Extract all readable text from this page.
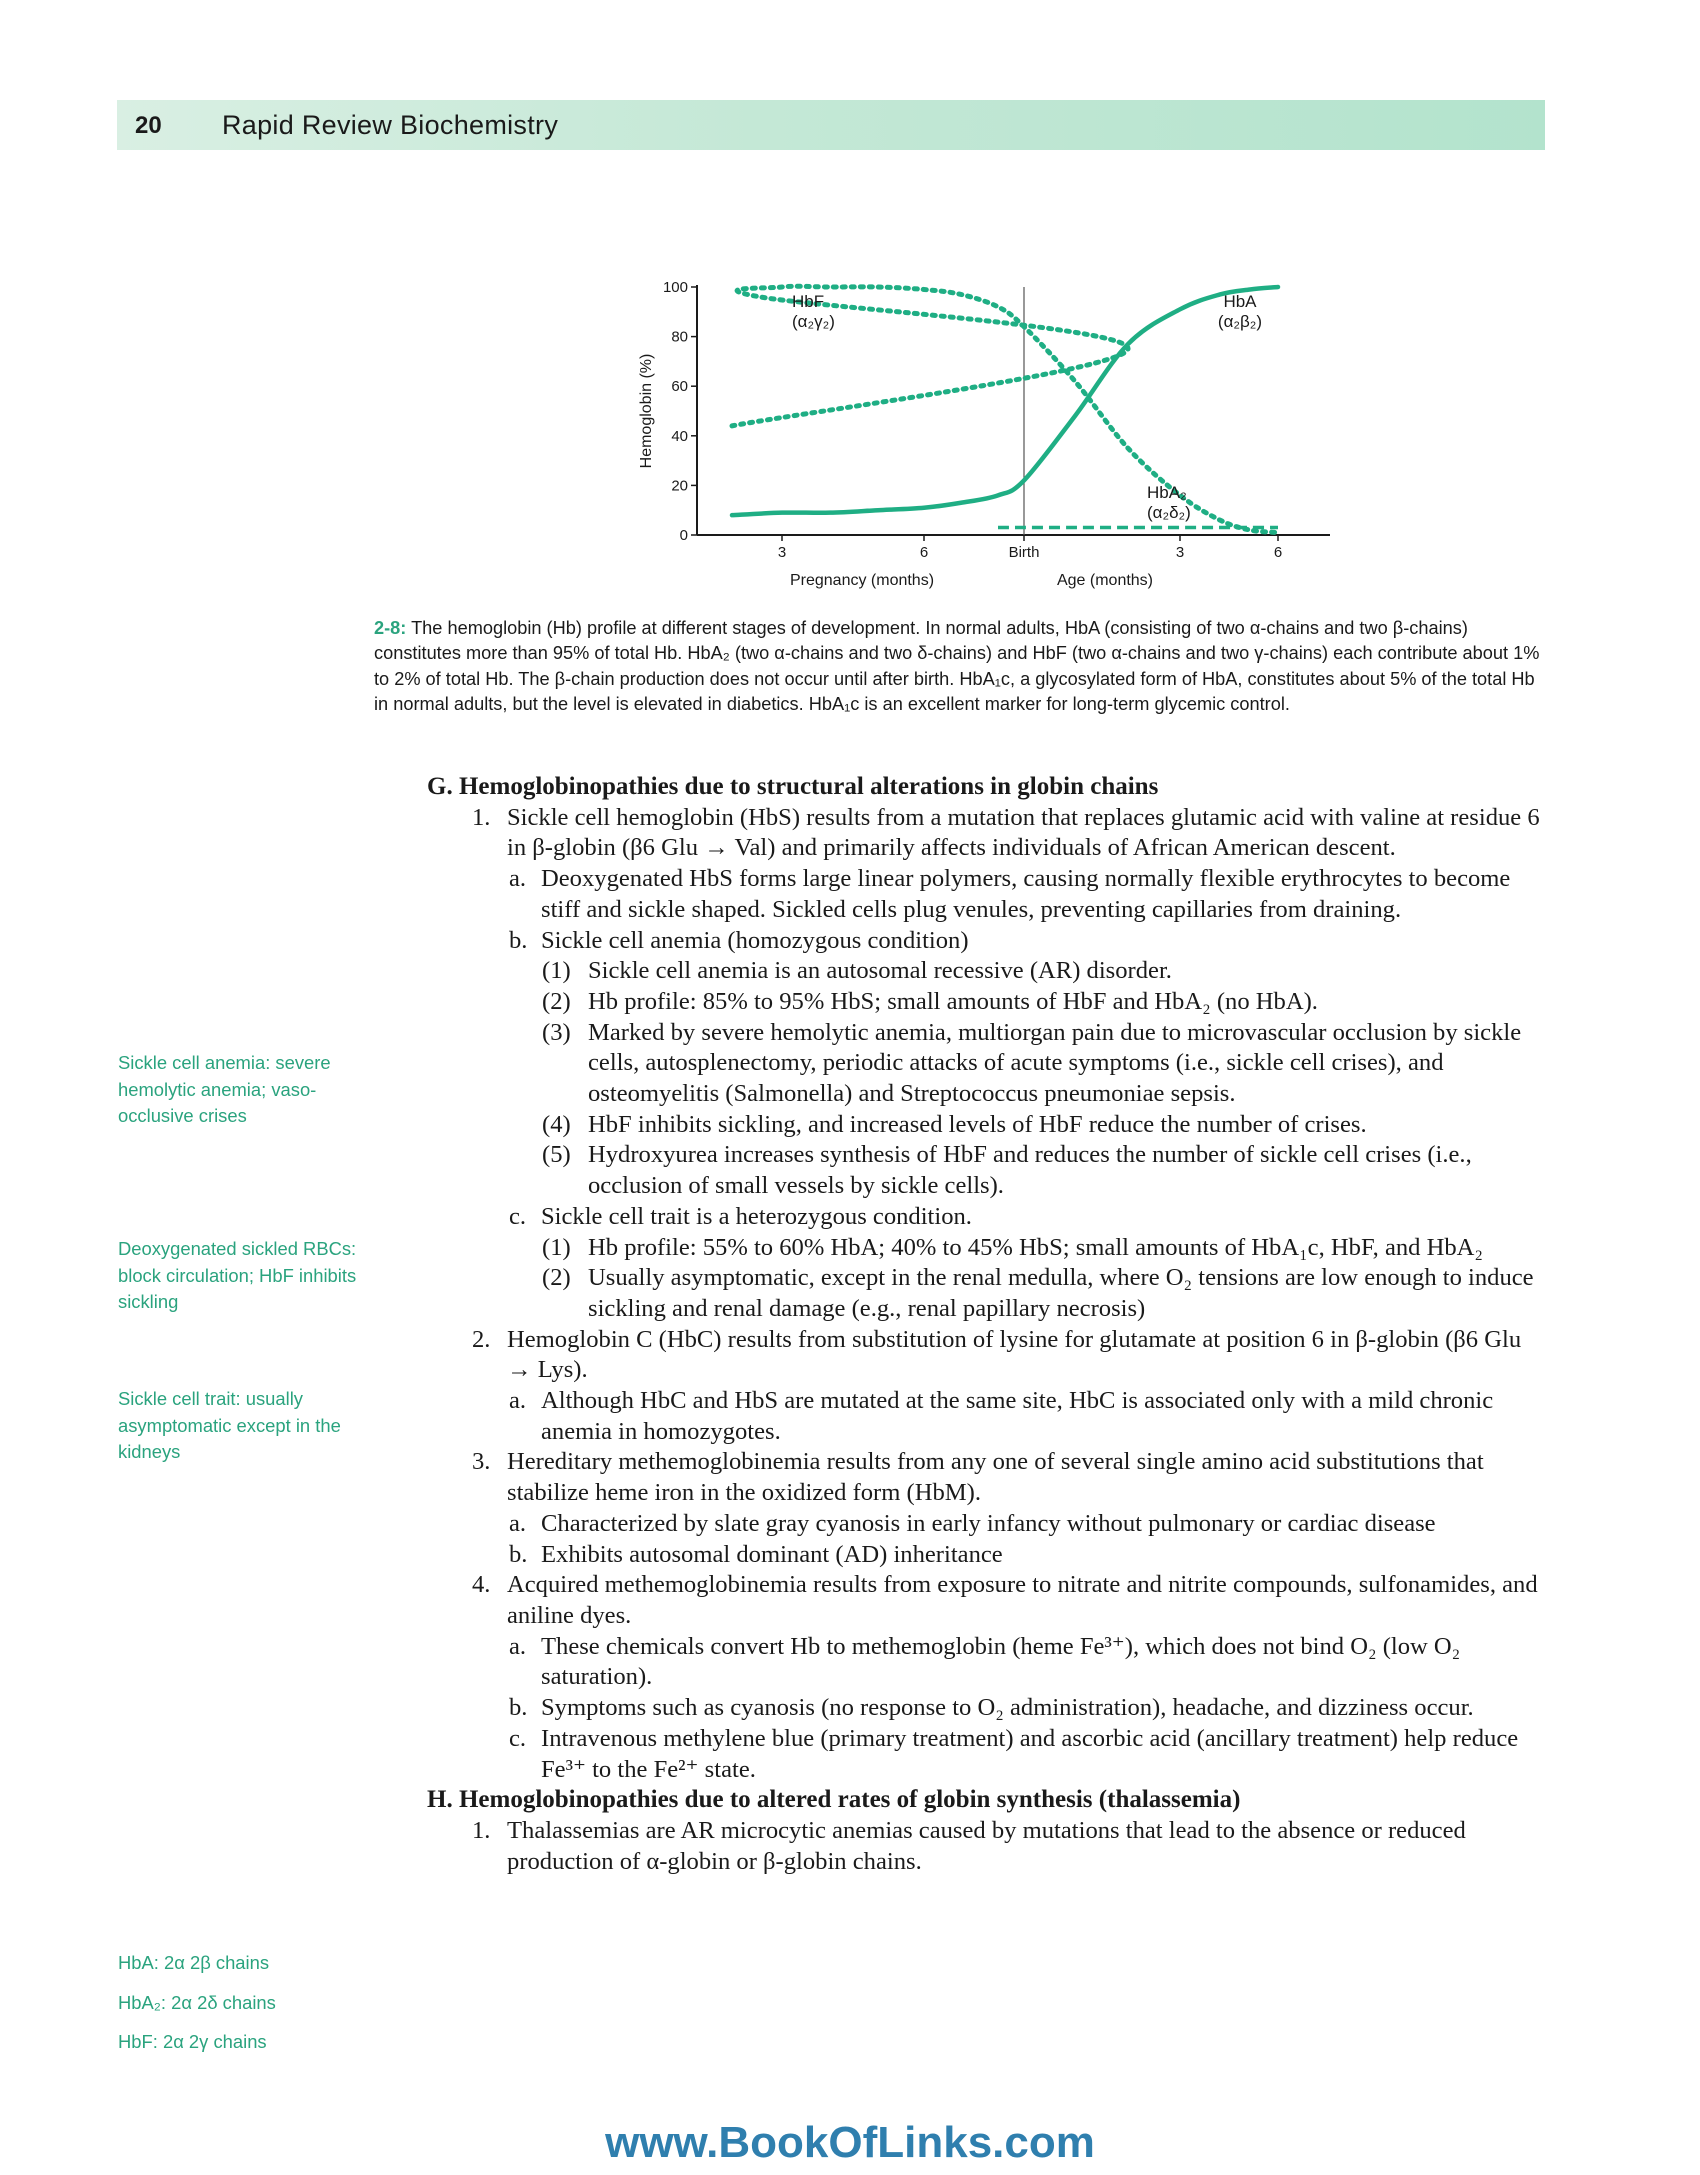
20 Rapid Review Biochemistry
0
20
40
60
80
100
3	6	Birth	3	6
Hemoglobin (%)
Pregnancy (months)	Age (months)
HbF
(α₂γ₂)
HbA
(α₂β₂)
HbA₂
(α₂δ₂)
2-8: The hemoglobin (Hb) profile at different stages of development. In normal adults, HbA (consisting of two α-chains and two β-chains) constitutes more than 95% of total Hb. HbA₂ (two α-chains and two δ-chains) and HbF (two α-chains and two γ-chains) each contribute about 1% to 2% of total Hb. The β-chain production does not occur until after birth. HbA₁c, a glycosylated form of HbA, constitutes about 5% of the total Hb in normal adults, but the level is elevated in diabetics. HbA₁c is an excellent marker for long-term glycemic control.

Sickle cell anemia: severe hemolytic anemia; vaso-occlusive crises

Deoxygenated sickled RBCs: block circulation; HbF inhibits sickling

Sickle cell trait: usually asymptomatic except in the kidneys

HbA: 2α 2β chains

HbA₂: 2α 2δ chains

HbF: 2α 2γ chains

G. Hemoglobinopathies due to structural alterations in globin chains
1. Sickle cell hemoglobin (HbS) results from a mutation that replaces glutamic acid with valine at residue 6 in β-globin (β6 Glu → Val) and primarily affects individuals of African American descent.
a. Deoxygenated HbS forms large linear polymers, causing normally flexible erythrocytes to become stiff and sickle shaped. Sickled cells plug venules, preventing capillaries from draining.
b. Sickle cell anemia (homozygous condition)
(1) Sickle cell anemia is an autosomal recessive (AR) disorder.
(2) Hb profile: 85% to 95% HbS; small amounts of HbF and HbA₂ (no HbA).
(3) Marked by severe hemolytic anemia, multiorgan pain due to microvascular occlusion by sickle cells, autosplenectomy, periodic attacks of acute symptoms (i.e., sickle cell crises), and osteomyelitis (Salmonella) and Streptococcus pneumoniae sepsis.
(4) HbF inhibits sickling, and increased levels of HbF reduce the number of crises.
(5) Hydroxyurea increases synthesis of HbF and reduces the number of sickle cell crises (i.e., occlusion of small vessels by sickle cells).
c. Sickle cell trait is a heterozygous condition.
(1) Hb profile: 55% to 60% HbA; 40% to 45% HbS; small amounts of HbA₁c, HbF, and HbA₂
(2) Usually asymptomatic, except in the renal medulla, where O₂ tensions are low enough to induce sickling and renal damage (e.g., renal papillary necrosis)
2. Hemoglobin C (HbC) results from substitution of lysine for glutamate at position 6 in β-globin (β6 Glu → Lys).
a. Although HbC and HbS are mutated at the same site, HbC is associated only with a mild chronic anemia in homozygotes.
3. Hereditary methemoglobinemia results from any one of several single amino acid substitutions that stabilize heme iron in the oxidized form (HbM).
a. Characterized by slate gray cyanosis in early infancy without pulmonary or cardiac disease
b. Exhibits autosomal dominant (AD) inheritance
4. Acquired methemoglobinemia results from exposure to nitrate and nitrite compounds, sulfonamides, and aniline dyes.
a. These chemicals convert Hb to methemoglobin (heme Fe³⁺), which does not bind O₂ (low O₂ saturation).
b. Symptoms such as cyanosis (no response to O₂ administration), headache, and dizziness occur.
c. Intravenous methylene blue (primary treatment) and ascorbic acid (ancillary treatment) help reduce Fe³⁺ to the Fe²⁺ state.
H. Hemoglobinopathies due to altered rates of globin synthesis (thalassemia)
1. Thalassemias are AR microcytic anemias caused by mutations that lead to the absence or reduced production of α-globin or β-globin chains.
www.BookOfLinks.com
